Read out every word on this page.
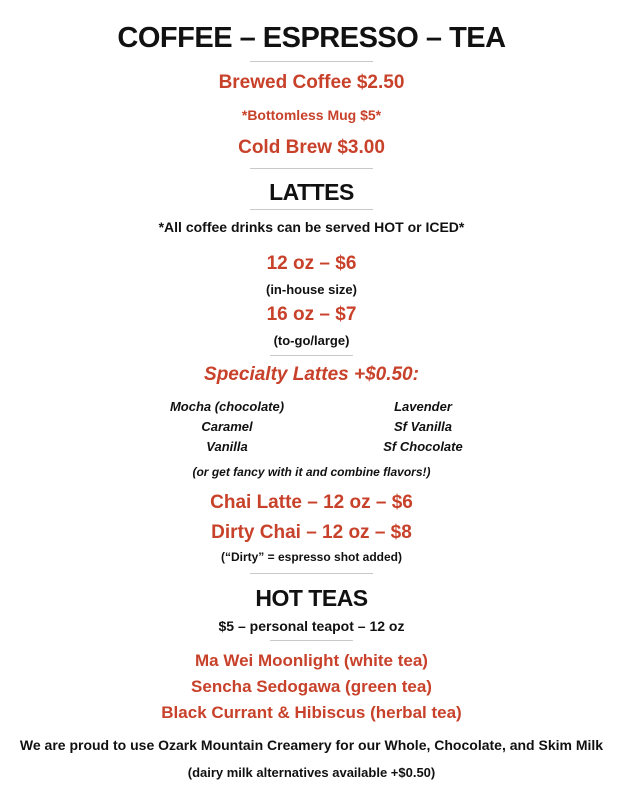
COFFEE – ESPRESSO – TEA
Brewed Coffee $2.50
*Bottomless Mug $5*
Cold Brew $3.00
LATTES
*All coffee drinks can be served HOT or ICED*
12 oz – $6
(in-house size)
16 oz – $7
(to-go/large)
Specialty Lattes +$0.50:
Mocha (chocolate)
Caramel
Vanilla
Lavender
Sf Vanilla
Sf Chocolate
(or get fancy with it and combine flavors!)
Chai Latte – 12 oz – $6
Dirty Chai – 12 oz – $8
(“Dirty” = espresso shot added)
HOT TEAS
$5 – personal teapot – 12 oz
Ma Wei Moonlight (white tea)
Sencha Sedogawa (green tea)
Black Currant & Hibiscus (herbal tea)
We are proud to use Ozark Mountain Creamery for our Whole, Chocolate, and Skim Milk
(dairy milk alternatives available +$0.50)
